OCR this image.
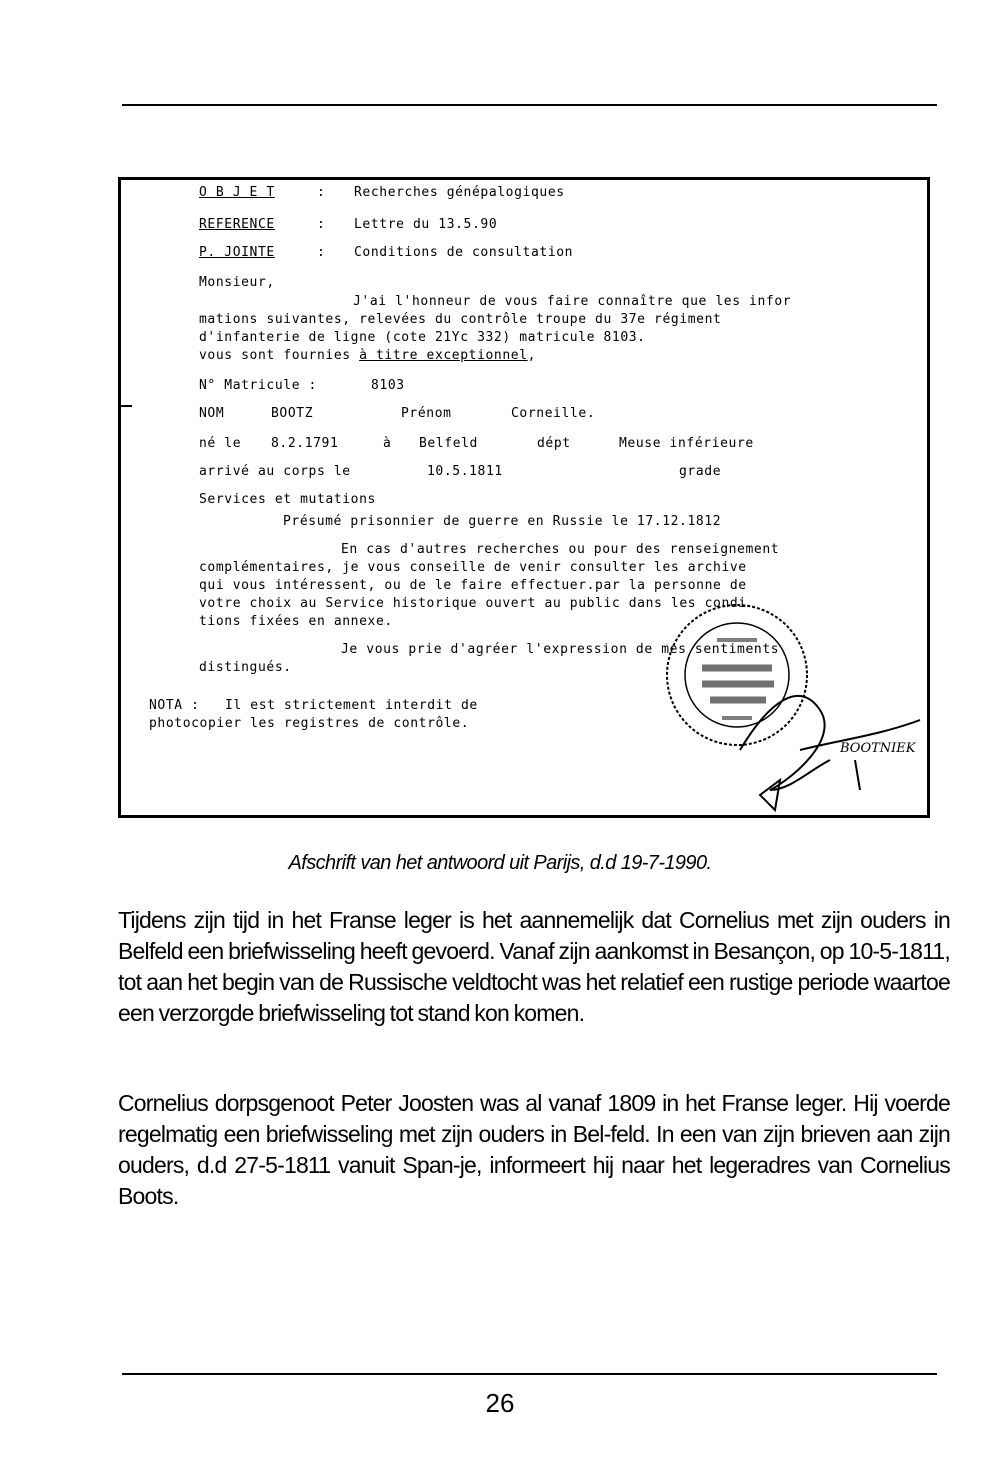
O B J E T	: Recherches génépalogiques
REFERENCE	: Lettre du 13.5.90
P. JOINTE	: Conditions de consultation
Monsieur,
J'ai l'honneur de vous faire connaître que les infor
mations suivantes, relevées du contrôle troupe du 37e régiment
d'infanterie de ligne (cote 21Yc 332) matricule 8103.
vous sont fournies à titre exceptionnel,
N° Matricule :	8103
NOM	BOOTZ	Prénom	Corneille.
né le 8.2.1791	à Belfeld	dépt	Meuse inférieure
arrivé au corps le	10.5.1811	grade
Services et mutations
Présumé prisonnier de guerre en Russie le 17.12.1812
En cas d'autres recherches ou pour des renseignement
complémentaires, je vous conseille de venir consulter les archive
qui vous intéressent, ou de le faire effectuer.par la personne de
votre choix au Service historique ouvert au public dans les condi
tions fixées en annexe.
Je vous prie d'agréer l'expression de mes sentiments
distingués.
NOTA : Il est strictement interdit de
photocopier les registres de contrôle.
BOOTNIEK
Afschrift van het antwoord uit Parijs, d.d 19-7-1990.
Tijdens zijn tijd in het Franse leger is het aannemelijk dat Cornelius met zijn ouders in Belfeld een briefwisseling heeft gevoerd. Vanaf zijn aankomst in Besançon, op 10-5-1811, tot aan het begin van de Russische veldtocht was het relatief een rustige periode waartoe een verzorgde briefwisseling tot stand kon komen.
Cornelius dorpsgenoot Peter Joosten was al vanaf 1809 in het Franse leger. Hij voerde regelmatig een briefwisseling met zijn ouders in Bel-feld. In een van zijn brieven aan zijn ouders, d.d 27-5-1811 vanuit Span-je, informeert hij naar het legeradres van Cornelius Boots.
26
